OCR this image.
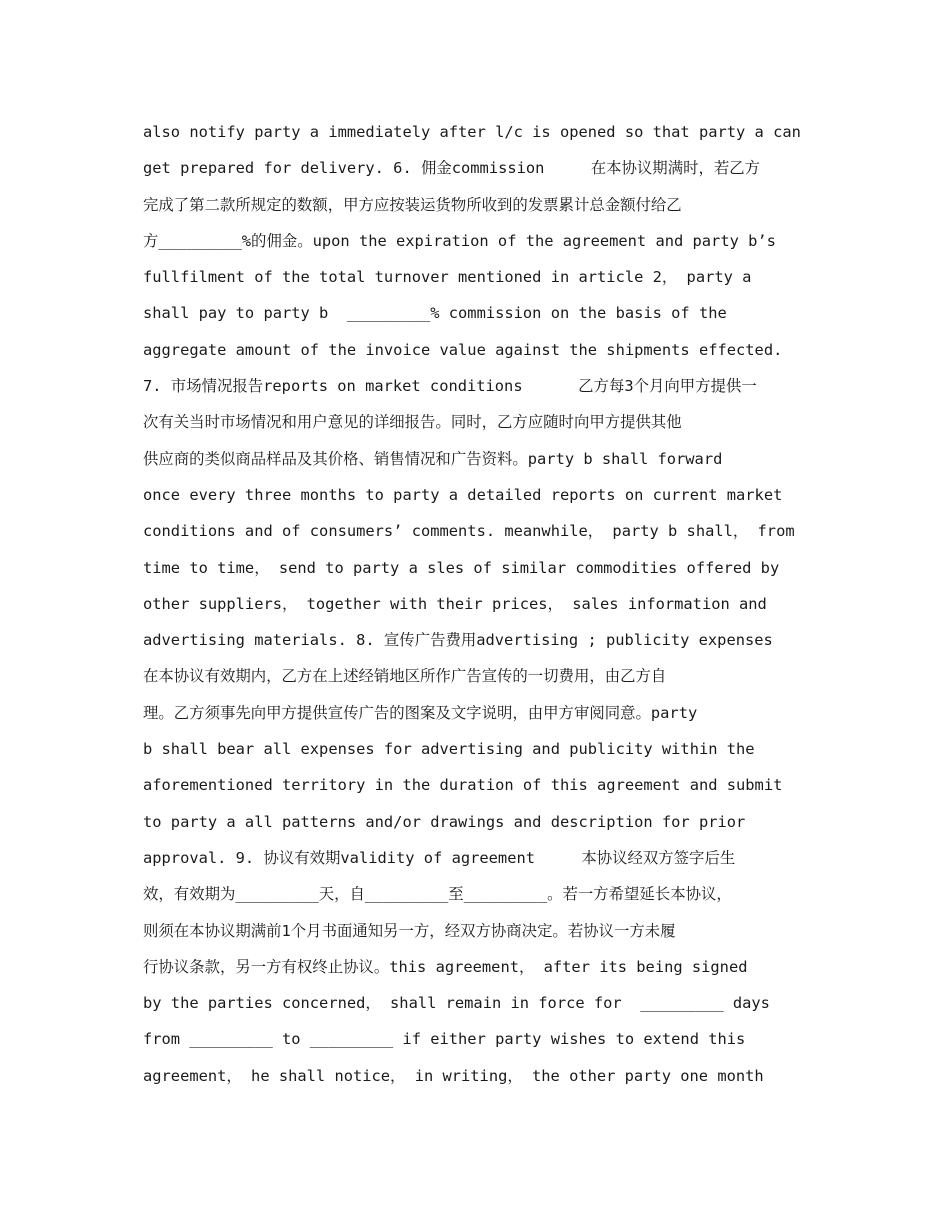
also notify party a immediately after l/c is opened so that party a can
get prepared for delivery. 6. 佣金commission     在本协议期满时，若乙方
完成了第二款所规定的数额，甲方应按装运货物所收到的发票累计总金额付给乙
方_________%的佣金。upon the expiration of the agreement and party b’s
fullfilment of the total turnover mentioned in article 2， party a
shall pay to party b  _________% commission on the basis of the
aggregate amount of the invoice value against the shipments effected.
7. 市场情况报告reports on market conditions      乙方每3个月向甲方提供一
次有关当时市场情况和用户意见的详细报告。同时，乙方应随时向甲方提供其他
供应商的类似商品样品及其价格、销售情况和广告资料。party b shall forward
once every three months to party a detailed reports on current market
conditions and of consumers’ comments. meanwhile， party b shall， from
time to time， send to party a sles of similar commodities offered by
other suppliers， together with their prices， sales information and
advertising materials. 8. 宣传广告费用advertising ; publicity expenses
在本协议有效期内，乙方在上述经销地区所作广告宣传的一切费用，由乙方自
理。乙方须事先向甲方提供宣传广告的图案及文字说明，由甲方审阅同意。party
b shall bear all expenses for advertising and publicity within the
aforementioned territory in the duration of this agreement and submit
to party a all patterns and/or drawings and description for prior
approval. 9. 协议有效期validity of agreement     本协议经双方签字后生
效，有效期为_________天，自_________至_________。若一方希望延长本协议，
则须在本协议期满前1个月书面通知另一方，经双方协商决定。若协议一方未履
行协议条款，另一方有权终止协议。this agreement， after its being signed
by the parties concerned， shall remain in force for  _________ days
from _________ to _________ if either party wishes to extend this
agreement， he shall notice， in writing， the other party one month
